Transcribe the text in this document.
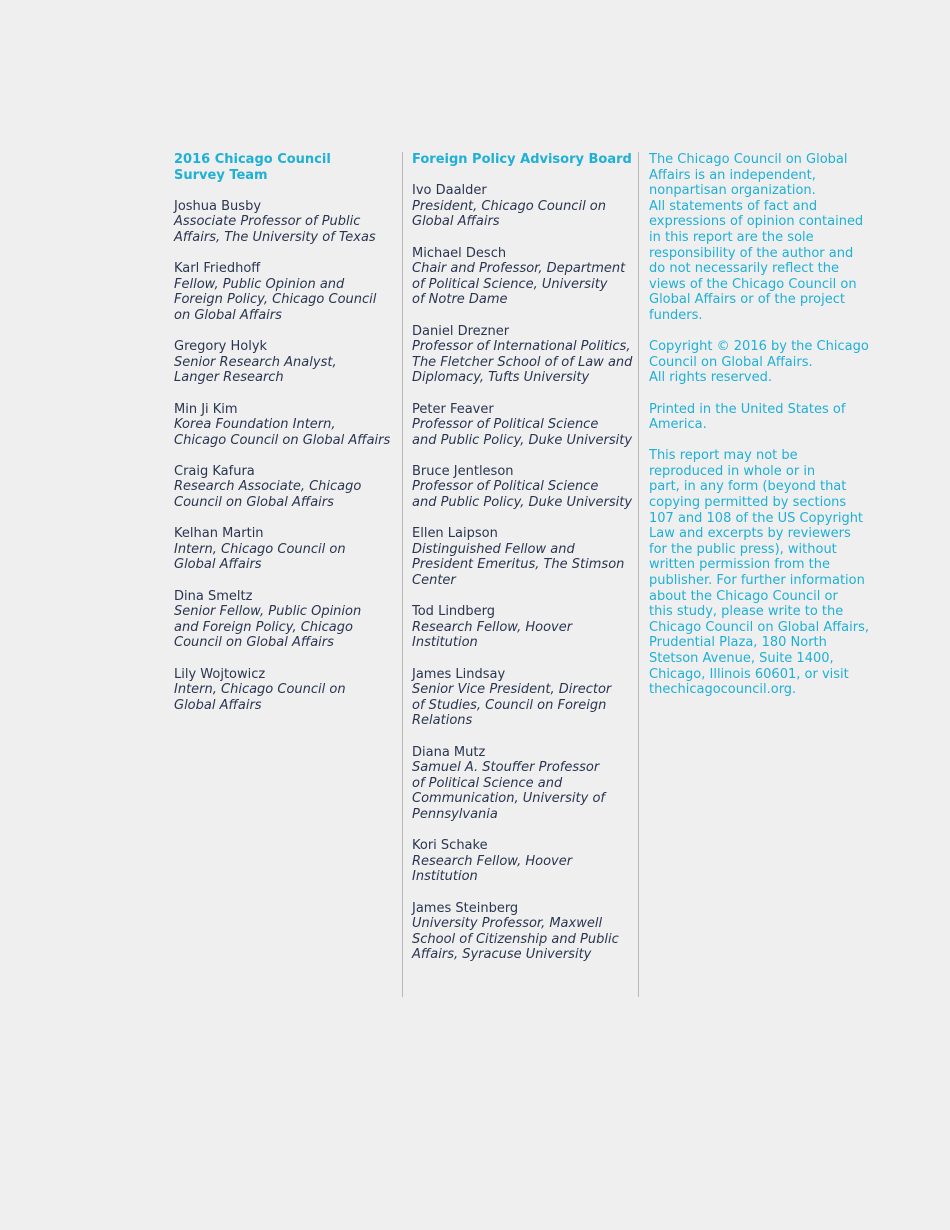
2016 Chicago Council
Survey Team
Joshua Busby
Associate Professor of Public
Affairs, The University of Texas
Karl Friedhoff
Fellow, Public Opinion and
Foreign Policy, Chicago Council
on Global Affairs
Gregory Holyk
Senior Research Analyst,
Langer Research
Min Ji Kim
Korea Foundation Intern,
Chicago Council on Global Affairs
Craig Kafura
Research Associate, Chicago
Council on Global Affairs
Kelhan Martin
Intern, Chicago Council on
Global Affairs
Dina Smeltz
Senior Fellow, Public Opinion
and Foreign Policy, Chicago
Council on Global Affairs
Lily Wojtowicz
Intern, Chicago Council on
Global Affairs
Foreign Policy Advisory Board
Ivo Daalder
President, Chicago Council on
Global Affairs
Michael Desch
Chair and Professor, Department
of Political Science, University
of Notre Dame
Daniel Drezner
Professor of International Politics,
The Fletcher School of of Law and
Diplomacy, Tufts University
Peter Feaver
Professor of Political Science
and Public Policy, Duke University
Bruce Jentleson
Professor of Political Science
and Public Policy, Duke University
Ellen Laipson
Distinguished Fellow and
President Emeritus, The Stimson
Center
Tod Lindberg
Research Fellow, Hoover
Institution
James Lindsay
Senior Vice President, Director
of Studies, Council on Foreign
Relations
Diana Mutz
Samuel A. Stouffer Professor
of Political Science and
Communication, University of
Pennsylvania
Kori Schake
Research Fellow, Hoover
Institution
James Steinberg
University Professor, Maxwell
School of Citizenship and Public
Affairs, Syracuse University
The Chicago Council on Global
Affairs is an independent,
nonpartisan organization.
All statements of fact and
expressions of opinion contained
in this report are the sole
responsibility of the author and
do not necessarily reflect the
views of the Chicago Council on
Global Affairs or of the project
funders.
Copyright © 2016 by the Chicago
Council on Global Affairs.
All rights reserved.
Printed in the United States of
America.
This report may not be
reproduced in whole or in
part, in any form (beyond that
copying permitted by sections
107 and 108 of the US Copyright
Law and excerpts by reviewers
for the public press), without
written permission from the
publisher. For further information
about the Chicago Council or
this study, please write to the
Chicago Council on Global Affairs,
Prudential Plaza, 180 North
Stetson Avenue, Suite 1400,
Chicago, Illinois 60601, or visit
thechicagocouncil.org.
